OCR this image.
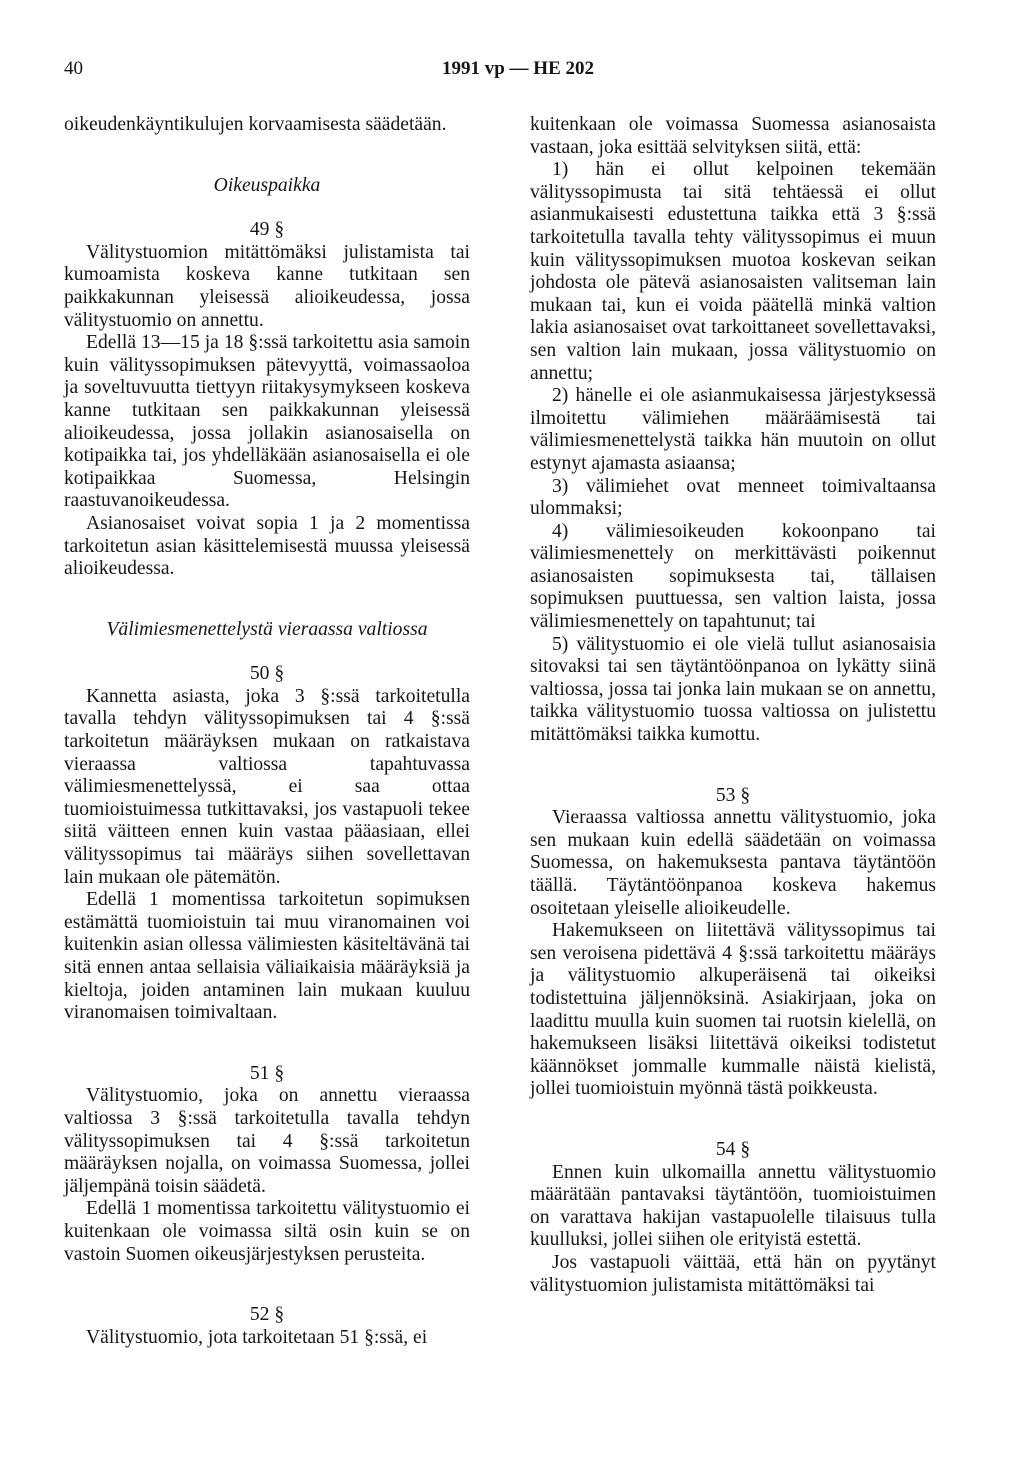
40	1991 vp — HE 202

oikeudenkäyntikulujen korvaamisesta säädetään.

Oikeuspaikka
49 §

Välitystuomion mitättömäksi julistamista tai kumoamista koskeva kanne tutkitaan sen paikkakunnan yleisessä alioikeudessa, jossa välitystuomio on annettu.

Edellä 13—15 ja 18 §:ssä tarkoitettu asia samoin kuin välityssopimuksen pätevyyttä, voimassaoloa ja soveltuvuutta tiettyyn riitakysymykseen koskeva kanne tutkitaan sen paikkakunnan yleisessä alioikeudessa, jossa jollakin asianosaisella on kotipaikka tai, jos yhdelläkään asianosaisella ei ole kotipaikkaa Suomessa, Helsingin raastuvanoikeudessa.

Asianosaiset voivat sopia 1 ja 2 momentissa tarkoitetun asian käsittelemisestä muussa yleisessä alioikeudessa.

Välimiesmenettelystä vieraassa valtiossa
50 §

Kannetta asiasta, joka 3 §:ssä tarkoitetulla tavalla tehdyn välityssopimuksen tai 4 §:ssä tarkoitetun määräyksen mukaan on ratkaistava vieraassa valtiossa tapahtuvassa välimiesmenettelyssä, ei saa ottaa tuomioistuimessa tutkittavaksi, jos vastapuoli tekee siitä väitteen ennen kuin vastaa pääasiaan, ellei välityssopimus tai määräys siihen sovellettavan lain mukaan ole pätemätön.

Edellä 1 momentissa tarkoitetun sopimuksen estämättä tuomioistuin tai muu viranomainen voi kuitenkin asian ollessa välimiesten käsiteltävänä tai sitä ennen antaa sellaisia väliaikaisia määräyksiä ja kieltoja, joiden antaminen lain mukaan kuuluu viranomaisen toimivaltaan.

51 §

Välitystuomio, joka on annettu vieraassa valtiossa 3 §:ssä tarkoitetulla tavalla tehdyn välityssopimuksen tai 4 §:ssä tarkoitetun määräyksen nojalla, on voimassa Suomessa, jollei jäljempänä toisin säädetä.

Edellä 1 momentissa tarkoitettu välitystuomio ei kuitenkaan ole voimassa siltä osin kuin se on vastoin Suomen oikeusjärjestyksen perusteita.

52 §

Välitystuomio, jota tarkoitetaan 51 §:ssä, ei

kuitenkaan ole voimassa Suomessa asianosaista vastaan, joka esittää selvityksen siitä, että:

1) hän ei ollut kelpoinen tekemään välityssopimusta tai sitä tehtäessä ei ollut asianmukaisesti edustettuna taikka että 3 §:ssä tarkoitetulla tavalla tehty välityssopimus ei muun kuin välityssopimuksen muotoa koskevan seikan johdosta ole pätevä asianosaisten valitseman lain mukaan tai, kun ei voida päätellä minkä valtion lakia asianosaiset ovat tarkoittaneet sovellettavaksi, sen valtion lain mukaan, jossa välitystuomio on annettu;

2) hänelle ei ole asianmukaisessa järjestyksessä ilmoitettu välimiehen määräämisestä tai välimiesmenettelystä taikka hän muutoin on ollut estynyt ajamasta asiaansa;

3) välimiehet ovat menneet toimivaltaansa ulommaksi;

4) välimiesoikeuden kokoonpano tai välimiesmenettely on merkittävästi poikennut asianosaisten sopimuksesta tai, tällaisen sopimuksen puuttuessa, sen valtion laista, jossa välimiesmenettely on tapahtunut; tai

5) välitystuomio ei ole vielä tullut asianosaisia sitovaksi tai sen täytäntöönpanoa on lykätty siinä valtiossa, jossa tai jonka lain mukaan se on annettu, taikka välitystuomio tuossa valtiossa on julistettu mitättömäksi taikka kumottu.

53 §

Vieraassa valtiossa annettu välitystuomio, joka sen mukaan kuin edellä säädetään on voimassa Suomessa, on hakemuksesta pantava täytäntöön täällä. Täytäntöönpanoa koskeva hakemus osoitetaan yleiselle alioikeudelle.

Hakemukseen on liitettävä välityssopimus tai sen veroisena pidettävä 4 §:ssä tarkoitettu määräys ja välitystuomio alkuperäisenä tai oikeiksi todistettuina jäljennöksinä. Asiakirjaan, joka on laadittu muulla kuin suomen tai ruotsin kielellä, on hakemukseen lisäksi liitettävä oikeiksi todistetut käännökset jommalle kummalle näistä kielistä, jollei tuomioistuin myönnä tästä poikkeusta.

54 §

Ennen kuin ulkomailla annettu välitystuomio määrätään pantavaksi täytäntöön, tuomioistuimen on varattava hakijan vastapuolelle tilaisuus tulla kuulluksi, jollei siihen ole erityistä estettä.

Jos vastapuoli väittää, että hän on pyytänyt välitystuomion julistamista mitättömäksi tai
